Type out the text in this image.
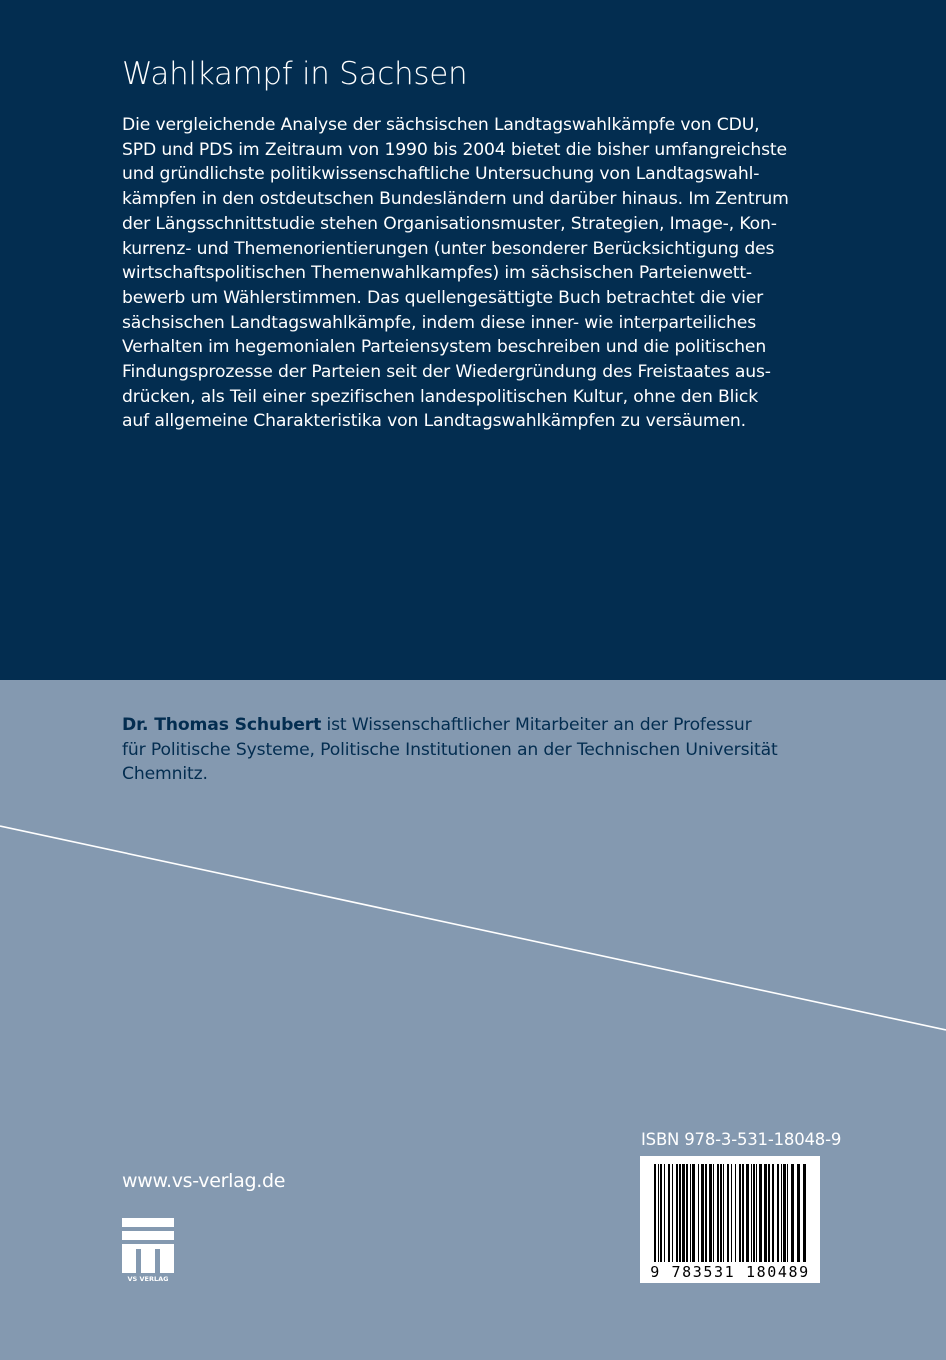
Wahlkampf in Sachsen
Die vergleichende Analyse der sächsischen Landtagswahlkämpfe von CDU,
SPD und PDS im Zeitraum von 1990 bis 2004 bietet die bisher umfangreichste
und gründlichste politikwissenschaftliche Untersuchung von Landtagswahl-
kämpfen in den ostdeutschen Bundesländern und darüber hinaus. Im Zentrum
der Längsschnittstudie stehen Organisationsmuster, Strategien, Image-, Kon-
kurrenz- und Themenorientierungen (unter besonderer Berücksichtigung des
wirtschaftspolitischen Themenwahlkampfes) im sächsischen Parteienwett-
bewerb um Wählerstimmen. Das quellengesättigte Buch betrachtet die vier
sächsischen Landtagswahlkämpfe, indem diese inner- wie interparteiliches
Verhalten im hegemonialen Parteiensystem beschreiben und die politischen
Findungsprozesse der Parteien seit der Wiedergründung des Freistaates aus-
drücken, als Teil einer spezifischen landespolitischen Kultur, ohne den Blick
auf allgemeine Charakteristika von Landtagswahlkämpfen zu versäumen.
Dr. Thomas Schubert ist Wissenschaftlicher Mitarbeiter an der Professur
für Politische Systeme, Politische Institutionen an der Technischen Universität
Chemnitz.
www.vs-verlag.de
VS VERLAG
ISBN 978-3-531-18048-9
9 783531 180489
